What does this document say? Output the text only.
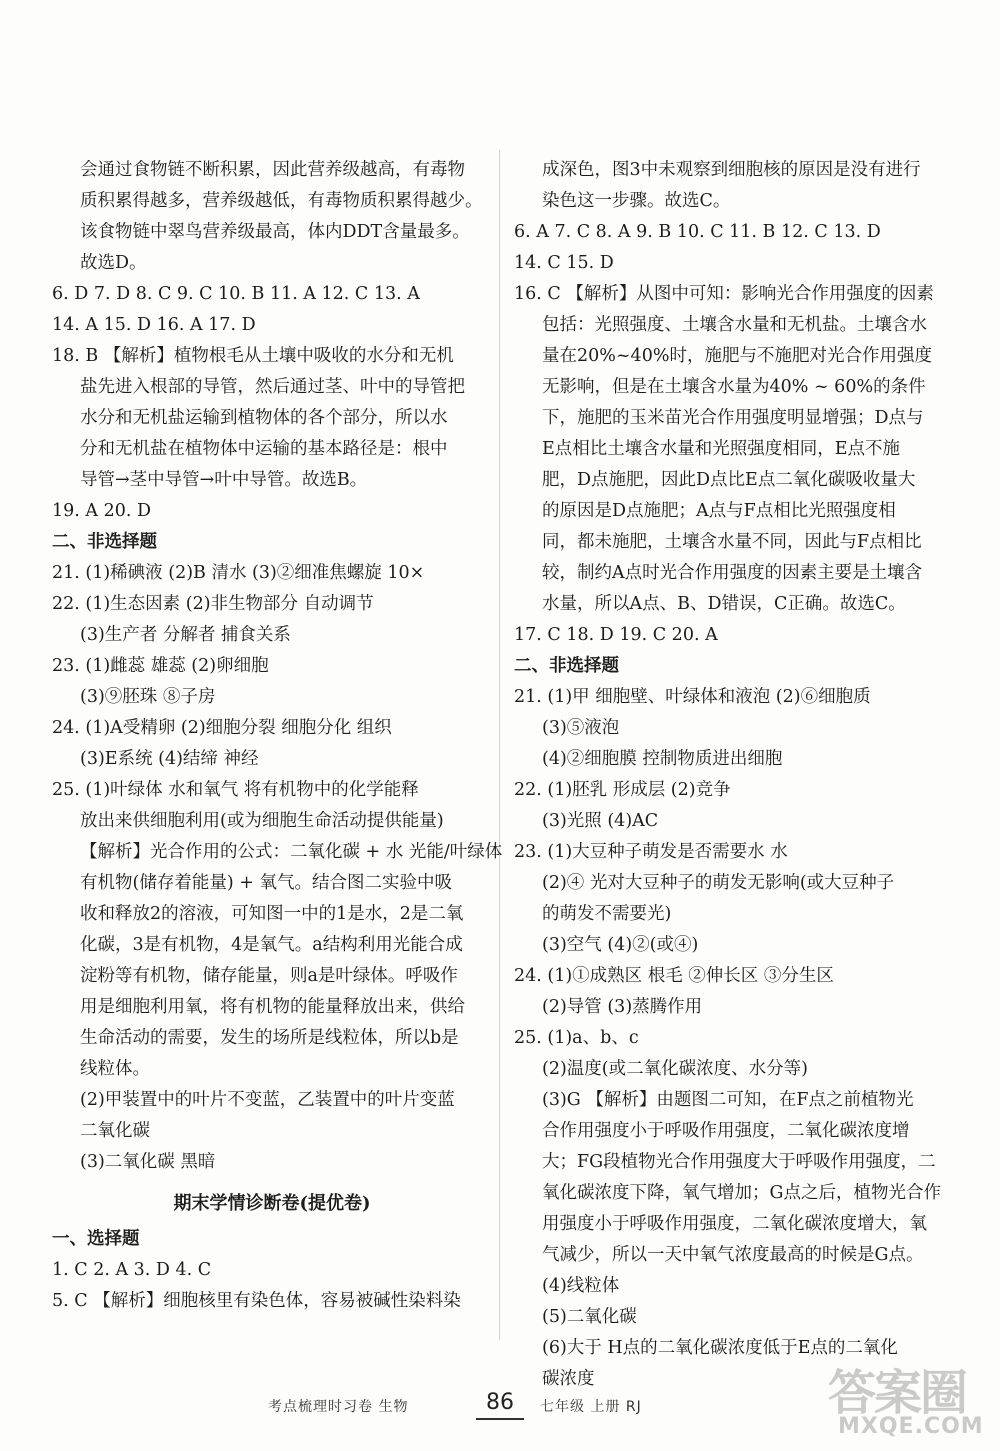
会通过食物链不断积累，因此营养级越高，有毒物
质积累得越多，营养级越低，有毒物质积累得越少。
该食物链中翠鸟营养级最高，体内DDT含量最多。
故选D。
6. D 7. D 8. C 9. C 10. B 11. A 12. C 13. A
14. A 15. D 16. A 17. D
18. B 【解析】植物根毛从土壤中吸收的水分和无机
盐先进入根部的导管，然后通过茎、叶中的导管把
水分和无机盐运输到植物体的各个部分，所以水
分和无机盐在植物体中运输的基本路径是：根中
导管→茎中导管→叶中导管。故选B。
19. A 20. D
二、非选择题
21. (1)稀碘液 (2)B 清水 (3)②细准焦螺旋 10×
22. (1)生态因素 (2)非生物部分 自动调节
(3)生产者 分解者 捕食关系
23. (1)雌蕊 雄蕊 (2)卵细胞
(3)⑨胚珠 ⑧子房
24. (1)A受精卵 (2)细胞分裂 细胞分化 组织
(3)E系统 (4)结缔 神经
25. (1)叶绿体 水和氧气 将有机物中的化学能释
放出来供细胞利用(或为细胞生命活动提供能量)
【解析】光合作用的公式：二氧化碳 + 水 光能/叶绿体
有机物(储存着能量) + 氧气。结合图二实验中吸
收和释放2的溶液，可知图一中的1是水，2是二氧
化碳，3是有机物，4是氧气。a结构利用光能合成
淀粉等有机物，储存能量，则a是叶绿体。呼吸作
用是细胞利用氧，将有机物的能量释放出来，供给
生命活动的需要，发生的场所是线粒体，所以b是
线粒体。
(2)甲装置中的叶片不变蓝，乙装置中的叶片变蓝
二氧化碳
(3)二氧化碳 黑暗
期末学情诊断卷(提优卷)
一、选择题
1. C 2. A 3. D 4. C
5. C 【解析】细胞核里有染色体，容易被碱性染料染
成深色，图3中未观察到细胞核的原因是没有进行
染色这一步骤。故选C。
6. A 7. C 8. A 9. B 10. C 11. B 12. C 13. D
14. C 15. D
16. C 【解析】从图中可知：影响光合作用强度的因素
包括：光照强度、土壤含水量和无机盐。土壤含水
量在20%~40%时，施肥与不施肥对光合作用强度
无影响，但是在土壤含水量为40% ~ 60%的条件
下，施肥的玉米苗光合作用强度明显增强；D点与
E点相比土壤含水量和光照强度相同，E点不施
肥，D点施肥，因此D点比E点二氧化碳吸收量大
的原因是D点施肥；A点与F点相比光照强度相
同，都未施肥，土壤含水量不同，因此与F点相比
较，制约A点时光合作用强度的因素主要是土壤含
水量，所以A点、B、D错误，C正确。故选C。
17. C 18. D 19. C 20. A
二、非选择题
21. (1)甲 细胞壁、叶绿体和液泡 (2)⑥细胞质
(3)⑤液泡
(4)②细胞膜 控制物质进出细胞
22. (1)胚乳 形成层 (2)竞争
(3)光照 (4)AC
23. (1)大豆种子萌发是否需要水 水
(2)④ 光对大豆种子的萌发无影响(或大豆种子
的萌发不需要光)
(3)空气 (4)②(或④)
24. (1)①成熟区 根毛 ②伸长区 ③分生区
(2)导管 (3)蒸腾作用
25. (1)a、b、c
(2)温度(或二氧化碳浓度、水分等)
(3)G 【解析】由题图二可知，在F点之前植物光
合作用强度小于呼吸作用强度，二氧化碳浓度增
大；FG段植物光合作用强度大于呼吸作用强度，二
氧化碳浓度下降，氧气增加；G点之后，植物光合作
用强度小于呼吸作用强度，二氧化碳浓度增大，氧
气减少，所以一天中氧气浓度最高的时候是G点。
(4)线粒体
(5)二氧化碳
(6)大于 H点的二氧化碳浓度低于E点的二氧化
碳浓度
考点梳理时习卷 生物	86	七年级 上册 RJ	答案圈
MXQE.COM
